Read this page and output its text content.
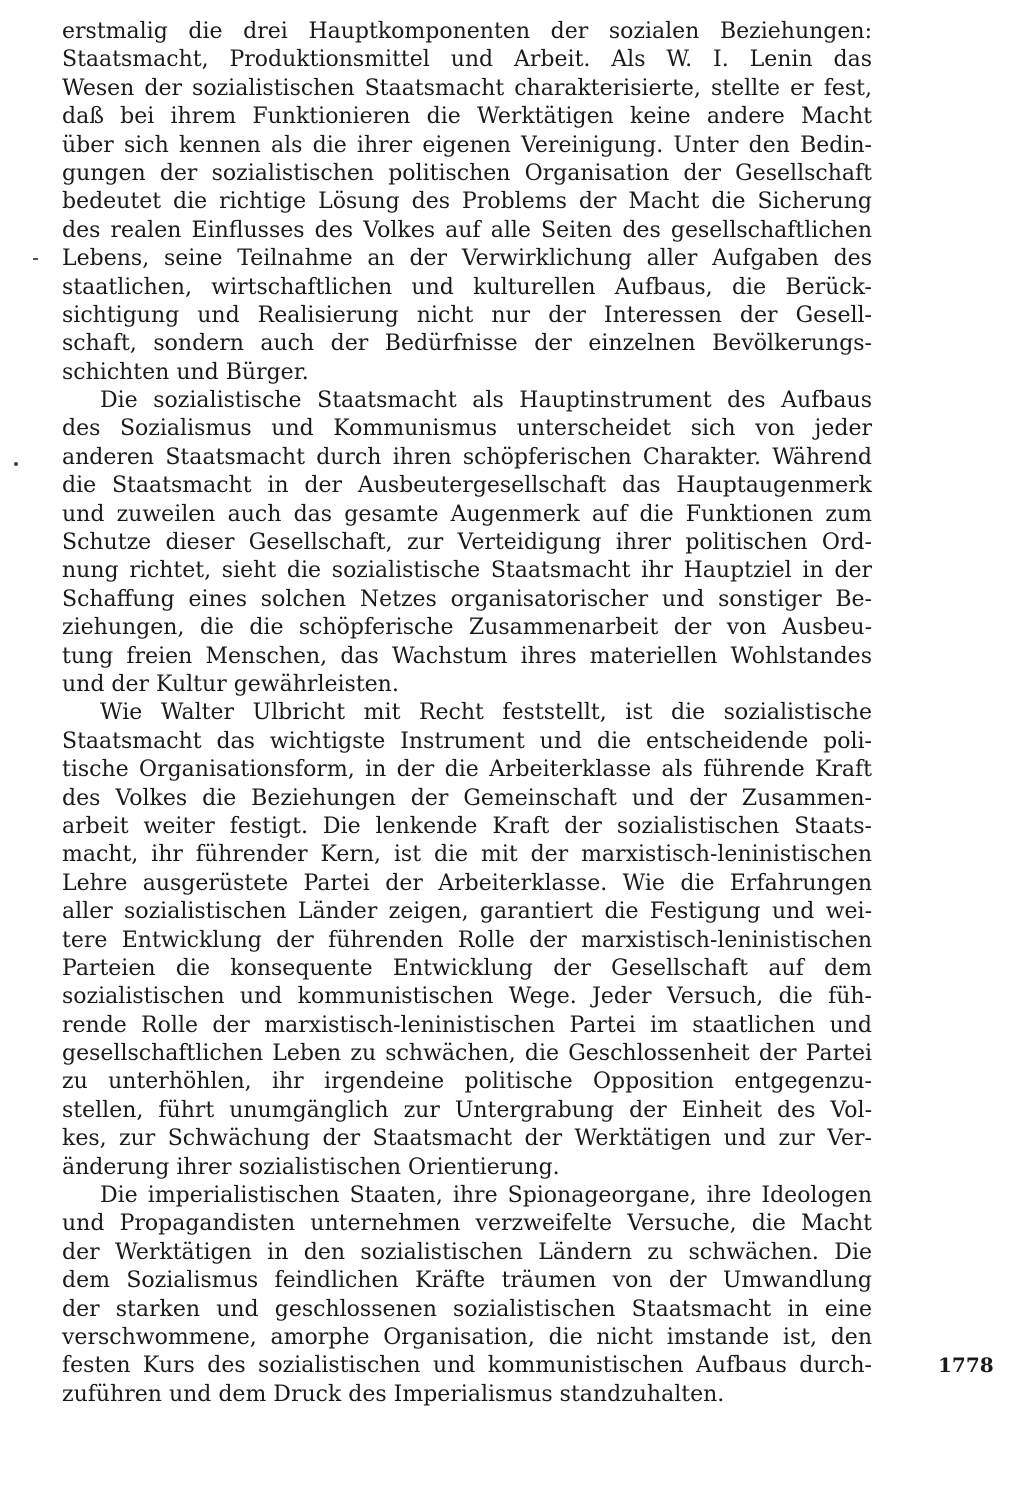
erstmalig die drei Hauptkomponenten der sozialen Beziehungen:
Staatsmacht, Produktionsmittel und Arbeit. Als W. I. Lenin das
Wesen der sozialistischen Staatsmacht charakterisierte, stellte er fest,
daß bei ihrem Funktionieren die Werktätigen keine andere Macht
über sich kennen als die ihrer eigenen Vereinigung. Unter den Bedin-
gungen der sozialistischen politischen Organisation der Gesellschaft
bedeutet die richtige Lösung des Problems der Macht die Sicherung
des realen Einflusses des Volkes auf alle Seiten des gesellschaftlichen
Lebens, seine Teilnahme an der Verwirklichung aller Aufgaben des
staatlichen, wirtschaftlichen und kulturellen Aufbaus, die Berück-
sichtigung und Realisierung nicht nur der Interessen der Gesell-
schaft, sondern auch der Bedürfnisse der einzelnen Bevölkerungs-
schichten und Bürger.
Die sozialistische Staatsmacht als Hauptinstrument des Aufbaus
des Sozialismus und Kommunismus unterscheidet sich von jeder
anderen Staatsmacht durch ihren schöpferischen Charakter. Während
die Staatsmacht in der Ausbeutergesellschaft das Hauptaugenmerk
und zuweilen auch das gesamte Augenmerk auf die Funktionen zum
Schutze dieser Gesellschaft, zur Verteidigung ihrer politischen Ord-
nung richtet, sieht die sozialistische Staatsmacht ihr Hauptziel in der
Schaffung eines solchen Netzes organisatorischer und sonstiger Be-
ziehungen, die die schöpferische Zusammenarbeit der von Ausbeu-
tung freien Menschen, das Wachstum ihres materiellen Wohlstandes
und der Kultur gewährleisten.
Wie Walter Ulbricht mit Recht feststellt, ist die sozialistische
Staatsmacht das wichtigste Instrument und die entscheidende poli-
tische Organisationsform, in der die Arbeiterklasse als führende Kraft
des Volkes die Beziehungen der Gemeinschaft und der Zusammen-
arbeit weiter festigt. Die lenkende Kraft der sozialistischen Staats-
macht, ihr führender Kern, ist die mit der marxistisch-leninistischen
Lehre ausgerüstete Partei der Arbeiterklasse. Wie die Erfahrungen
aller sozialistischen Länder zeigen, garantiert die Festigung und wei-
tere Entwicklung der führenden Rolle der marxistisch-leninistischen
Parteien die konsequente Entwicklung der Gesellschaft auf dem
sozialistischen und kommunistischen Wege. Jeder Versuch, die füh-
rende Rolle der marxistisch-leninistischen Partei im staatlichen und
gesellschaftlichen Leben zu schwächen, die Geschlossenheit der Partei
zu unterhöhlen, ihr irgendeine politische Opposition entgegenzu-
stellen, führt unumgänglich zur Untergrabung der Einheit des Vol-
kes, zur Schwächung der Staatsmacht der Werktätigen und zur Ver-
änderung ihrer sozialistischen Orientierung.
Die imperialistischen Staaten, ihre Spionageorgane, ihre Ideologen
und Propagandisten unternehmen verzweifelte Versuche, die Macht
der Werktätigen in den sozialistischen Ländern zu schwächen. Die
dem Sozialismus feindlichen Kräfte träumen von der Umwandlung
der starken und geschlossenen sozialistischen Staatsmacht in eine
verschwommene, amorphe Organisation, die nicht imstande ist, den
festen Kurs des sozialistischen und kommunistischen Aufbaus durch-
zuführen und dem Druck des Imperialismus standzuhalten.
1778
